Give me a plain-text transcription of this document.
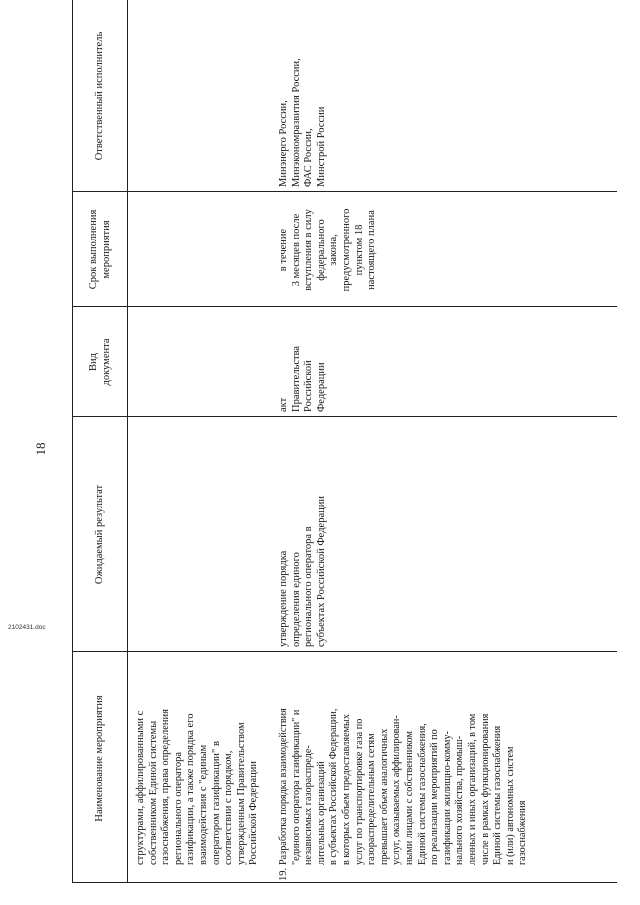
18
Наименование мероприятия
Ожидаемый результат
Вид
документа
Срок выполнения
мероприятия
Ответственный исполнитель
структурами, аффилированными с
собственником Единой системы
газоснабжения, права определения
регионального оператора
газификации, а также порядка его
взаимодействия с "единым
оператором газификации" в
соответствии с порядком,
утвержденным Правительством
Российской Федерации
19.
Разработка порядка взаимодействия
"единого оператора газификации" и
независимых газораспреде-
лительных организаций
в субъектах Российской Федерации,
в которых объем предоставляемых
услуг по транспортировке газа по
газораспределительным сетям
превышает объем аналогичных
услуг, оказываемых аффилирован-
ными лицами с собственником
Единой системы газоснабжения,
по реализации мероприятий по
газификации жилищно-комму-
нального хозяйства, промыш-
ленных и иных организаций, в том
числе в рамках функционирования
Единой системы газоснабжения
и (или) автономных систем
газоснабжения
утверждение порядка
определения единого
регионального оператора в
субъектах Российской Федерации
акт
Правительства
Российской
Федерации
в течение
3 месяцев после
вступления в силу
федерального
закона,
предусмотренного
пунктом 18
настоящего плана
Минэнерго России,
Минэкономразвития России,
ФАС России,
Минстрой России
2102431.doc
